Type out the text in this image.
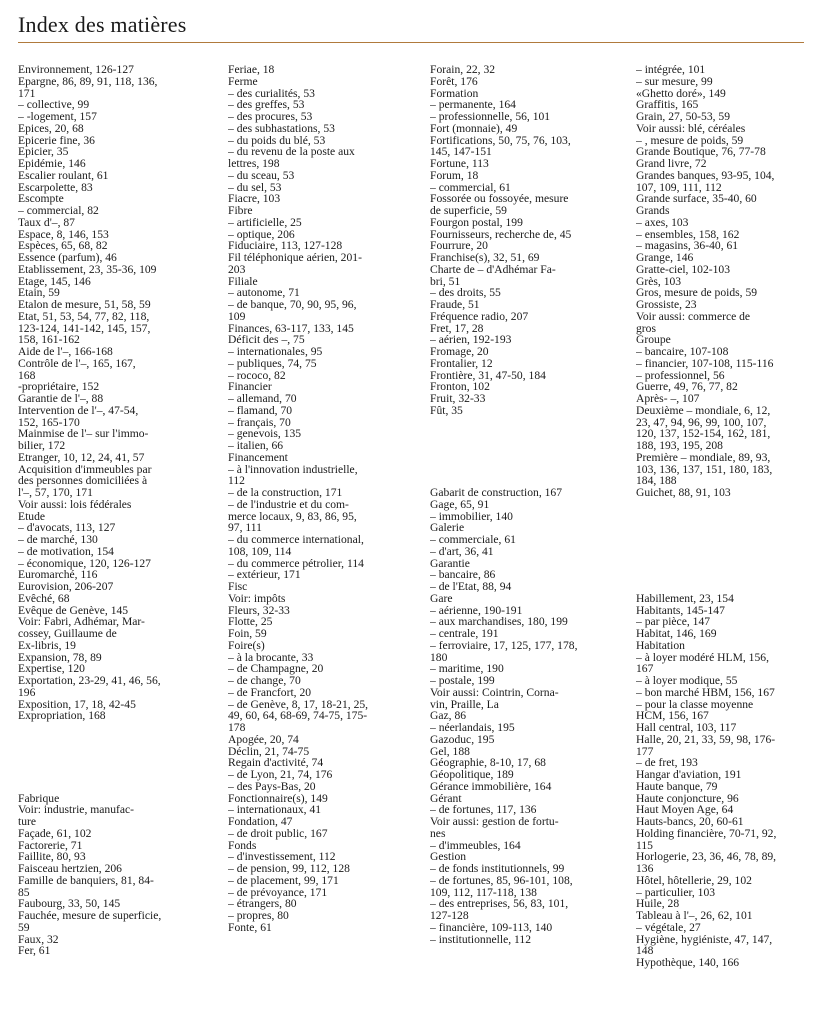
Index des matières
Environnement, 126-127
Epargne, 86, 89, 91, 118, 136,
171
– collective, 99
– -logement, 157
Epices, 20, 68
Epicerie fine, 36
Epicier, 35
Epidémie, 146
Escalier roulant, 61
Escarpolette, 83
Escompte
– commercial, 82
Taux d'–, 87
Espace, 8, 146, 153
Espèces, 65, 68, 82
Essence (parfum), 46
Etablissement, 23, 35-36, 109
Etage, 145, 146
Etain, 59
Etalon de mesure, 51, 58, 59
Etat, 51, 53, 54, 77, 82, 118,
123-124, 141-142, 145, 157,
158, 161-162
Aide de l'–, 166-168
Contrôle de l'–, 165, 167,
168
-propriétaire, 152
Garantie de l'–, 88
Intervention de l'–, 47-54,
152, 165-170
Mainmise de l'– sur l'immo-
bilier, 172
Etranger, 10, 12, 24, 41, 57
Acquisition d'immeubles par
des personnes domiciliées à
l'–, 57, 170, 171
Voir aussi: lois fédérales
Etude
– d'avocats, 113, 127
– de marché, 130
– de motivation, 154
– économique, 120, 126-127
Euromarché, 116
Eurovision, 206-207
Evêché, 68
Evêque de Genève, 145
Voir: Fabri, Adhémar, Mar-
cossey, Guillaume de
Ex-libris, 19
Expansion, 78, 89
Expertise, 120
Exportation, 23-29, 41, 46, 56,
196
Exposition, 17, 18, 42-45
Expropriation, 168
Fabrique
Voir: industrie, manufac-
ture
Façade, 61, 102
Factorerie, 71
Faillite, 80, 93
Faisceau hertzien, 206
Famille de banquiers, 81, 84-
85
Faubourg, 33, 50, 145
Fauchée, mesure de superficie,
59
Faux, 32
Fer, 61
Feriae, 18
Ferme
– des curialités, 53
– des greffes, 53
– des procures, 53
– des subhastations, 53
– du poids du blé, 53
– du revenu de la poste aux
lettres, 198
– du sceau, 53
– du sel, 53
Fiacre, 103
Fibre
– artificielle, 25
– optique, 206
Fiduciaire, 113, 127-128
Fil téléphonique aérien, 201-
203
Filiale
– autonome, 71
– de banque, 70, 90, 95, 96,
109
Finances, 63-117, 133, 145
Déficit des –, 75
– internationales, 95
– publiques, 74, 75
– rococo, 82
Financier
– allemand, 70
– flamand, 70
– français, 70
– genevois, 135
– italien, 66
Financement
– à l'innovation industrielle,
112
– de la construction, 171
– de l'industrie et du com-
merce locaux, 9, 83, 86, 95,
97, 111
– du commerce international,
108, 109, 114
– du commerce pétrolier, 114
– extérieur, 171
Fisc
Voir: impôts
Fleurs, 32-33
Flotte, 25
Foin, 59
Foire(s)
– à la brocante, 33
– de Champagne, 20
– de change, 70
– de Francfort, 20
– de Genève, 8, 17, 18-21, 25,
49, 60, 64, 68-69, 74-75, 175-
178
Apogée, 20, 74
Déclin, 21, 74-75
Regain d'activité, 74
– de Lyon, 21, 74, 176
– des Pays-Bas, 20
Fonctionnaire(s), 149
– internationaux, 41
Fondation, 47
– de droit public, 167
Fonds
– d'investissement, 112
– de pension, 99, 112, 128
– de placement, 99, 171
– de prévoyance, 171
– étrangers, 80
– propres, 80
Fonte, 61
Forain, 22, 32
Forêt, 176
Formation
– permanente, 164
– professionnelle, 56, 101
Fort (monnaie), 49
Fortifications, 50, 75, 76, 103,
145, 147-151
Fortune, 113
Forum, 18
– commercial, 61
Fossorée ou fossoyée, mesure
de superficie, 59
Fourgon postal, 199
Fournisseurs, recherche de, 45
Fourrure, 20
Franchise(s), 32, 51, 69
Charte de – d'Adhémar Fa-
bri, 51
– des droits, 55
Fraude, 51
Fréquence radio, 207
Fret, 17, 28
– aérien, 192-193
Fromage, 20
Frontalier, 12
Frontière, 31, 47-50, 184
Fronton, 102
Fruit, 32-33
Fût, 35
Gabarit de construction, 167
Gage, 65, 91
– immobilier, 140
Galerie
– commerciale, 61
– d'art, 36, 41
Garantie
– bancaire, 86
– de l'Etat, 88, 94
Gare
– aérienne, 190-191
– aux marchandises, 180, 199
– centrale, 191
– ferroviaire, 17, 125, 177, 178,
180
– maritime, 190
– postale, 199
Voir aussi: Cointrin, Corna-
vin, Praille, La
Gaz, 86
– néerlandais, 195
Gazoduc, 195
Gel, 188
Géographie, 8-10, 17, 68
Géopolitique, 189
Gérance immobilière, 164
Gérant
– de fortunes, 117, 136
Voir aussi: gestion de fortu-
nes
– d'immeubles, 164
Gestion
– de fonds institutionnels, 99
– de fortunes, 85, 96-101, 108,
109, 112, 117-118, 138
– des entreprises, 56, 83, 101,
127-128
– financière, 109-113, 140
– institutionnelle, 112
– intégrée, 101
– sur mesure, 99
«Ghetto doré», 149
Graffitis, 165
Grain, 27, 50-53, 59
Voir aussi: blé, céréales
– , mesure de poids, 59
Grande Boutique, 76, 77-78
Grand livre, 72
Grandes banques, 93-95, 104,
107, 109, 111, 112
Grande surface, 35-40, 60
Grands
– axes, 103
– ensembles, 158, 162
– magasins, 36-40, 61
Grange, 146
Gratte-ciel, 102-103
Grès, 103
Gros, mesure de poids, 59
Grossiste, 23
Voir aussi: commerce de
gros
Groupe
– bancaire, 107-108
– financier, 107-108, 115-116
– professionnel, 56
Guerre, 49, 76, 77, 82
Après- –, 107
Deuxième – mondiale, 6, 12,
23, 47, 94, 96, 99, 100, 107,
120, 137, 152-154, 162, 181,
188, 193, 195, 208
Première – mondiale, 89, 93,
103, 136, 137, 151, 180, 183,
184, 188
Guichet, 88, 91, 103
Habillement, 23, 154
Habitants, 145-147
– par pièce, 147
Habitat, 146, 169
Habitation
– à loyer modéré HLM, 156,
167
– à loyer modique, 55
– bon marché HBM, 156, 167
– pour la classe moyenne
HCM, 156, 167
Hall central, 103, 117
Halle, 20, 21, 33, 59, 98, 176-
177
– de fret, 193
Hangar d'aviation, 191
Haute banque, 79
Haute conjoncture, 96
Haut Moyen Age, 64
Hauts-bancs, 20, 60-61
Holding financière, 70-71, 92,
115
Horlogerie, 23, 36, 46, 78, 89,
136
Hôtel, hôtellerie, 29, 102
– particulier, 103
Huile, 28
Tableau à l'–, 26, 62, 101
– végétale, 27
Hygiène, hygiéniste, 47, 147,
148
Hypothèque, 140, 166
